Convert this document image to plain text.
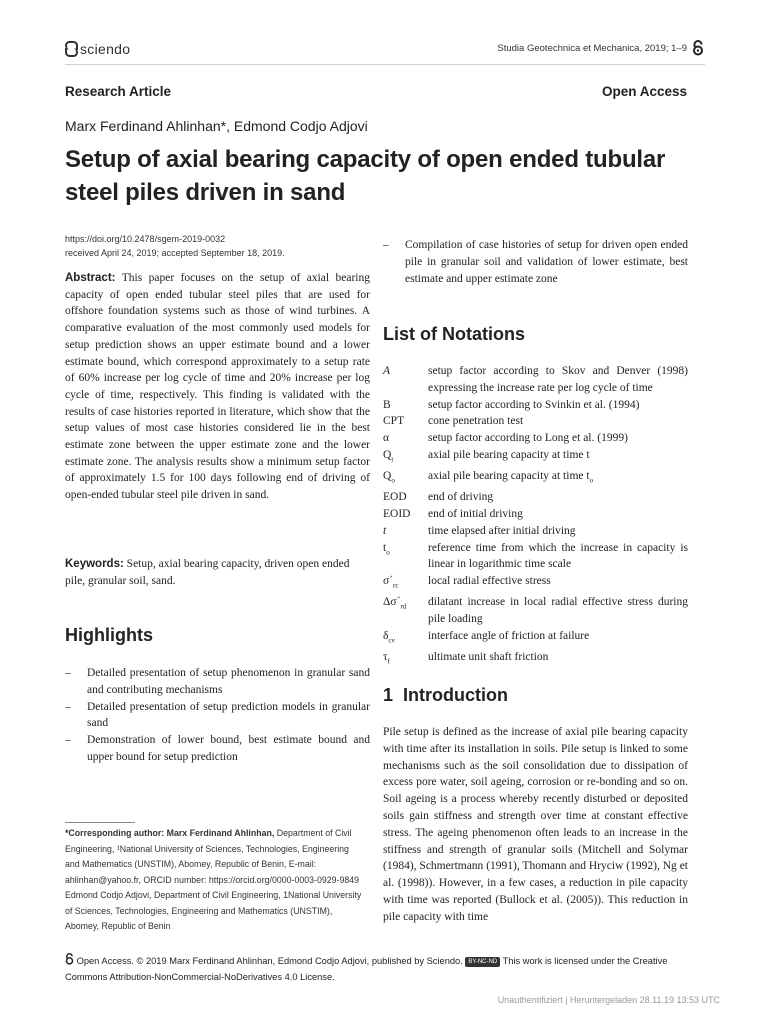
sciendo	Studia Geotechnica et Mechanica, 2019; 1–9
Research Article	Open Access
Marx Ferdinand Ahlinhan*, Edmond Codjo Adjovi
Setup of axial bearing capacity of open ended tubular steel piles driven in sand
https://doi.org/10.2478/sgem-2019-0032
received April 24, 2019; accepted September 18, 2019.
Abstract: This paper focuses on the setup of axial bearing capacity of open ended tubular steel piles that are used for offshore foundation systems such as those of wind turbines. A comparative evaluation of the most commonly used models for setup prediction shows an upper estimate bound and a lower estimate bound, which correspond approximately to a setup rate of 60% increase per log cycle of time and 20% increase per log cycle of time, respectively. This finding is validated with the results of case histories reported in literature, which show that the setup values of most case histories considered lie in the best estimate zone between the upper estimate zone and the lower estimate zone. The analysis results show a minimum setup factor of approximately 1.5 for 100 days following end of driving of open-ended tubular steel pile driven in sand.
Keywords: Setup, axial bearing capacity, driven open ended pile, granular soil, sand.
Highlights
– Detailed presentation of setup phenomenon in granular sand and contributing mechanisms
– Detailed presentation of setup prediction models in granular sand
– Demonstration of lower bound, best estimate bound and upper bound for setup prediction
*Corresponding author: Marx Ferdinand Ahlinhan, Department of Civil Engineering, ¹National University of Sciences, Technologies, Engineering and Mathematics (UNSTIM), Abomey, Republic of Benin, E-mail: ahlinhan@yahoo.fr, ORCID number: https://orcid.org/0000-0003-0929-9849
Edmond Codjo Adjovi, Department of Civil Engineering, 1National University of Sciences, Technologies, Engineering and Mathematics (UNSTIM), Abomey, Republic of Benin
– Compilation of case histories of setup for driven open ended pile in granular soil and validation of lower estimate, best estimate and upper estimate zone
List of Notations
A	setup factor according to Skov and Denver (1998) expressing the increase rate per log cycle of time
B	setup factor according to Svinkin et al. (1994)
CPT	cone penetration test
α	setup factor according to Long et al. (1999)
$Q_t$	axial pile bearing capacity at time t
$Q_o$	axial pile bearing capacity at time $t_o$
EOD	end of driving
EOID	end of initial driving
t	time elapsed after initial driving
$t_o$	reference time from which the increase in capacity is linear in logarithmic time scale
$\sigma´_{rc}$	local radial effective stress
$\Delta\sigma´_{rd}$	dilatant increase in local radial effective stress during pile loading
$\delta_{cv}$	interface angle of friction at failure
$\tau_f$	ultimate unit shaft friction
1 Introduction
Pile setup is defined as the increase of axial pile bearing capacity with time after its installation in soils. Pile setup is linked to some mechanisms such as the soil consolidation due to dissipation of excess pore water, soil ageing, corrosion or re-bonding and so on. Soil ageing is a process whereby recently disturbed or deposited soils gain stiffness and strength over time at constant effective stress. The ageing phenomenon often leads to an increase in the stiffness and strength of granular soils (Mitchell and Solymar (1984), Schmertmann (1991), Thomann and Hryciw (1992), Ng et al. (1998)). However, in a few cases, a reduction in pile capacity with time was reported (Bullock et al. (2005)). This reduction in pile capacity with time
Open Access. © 2019 Marx Ferdinand Ahlinhan, Edmond Codjo Adjovi, published by Sciendo. BY-NC-ND This work is licensed under the Creative Commons Attribution-NonCommercial-NoDerivatives 4.0 License.
Unauthentifiziert | Heruntergeladen 28.11.19 13:53 UTC
